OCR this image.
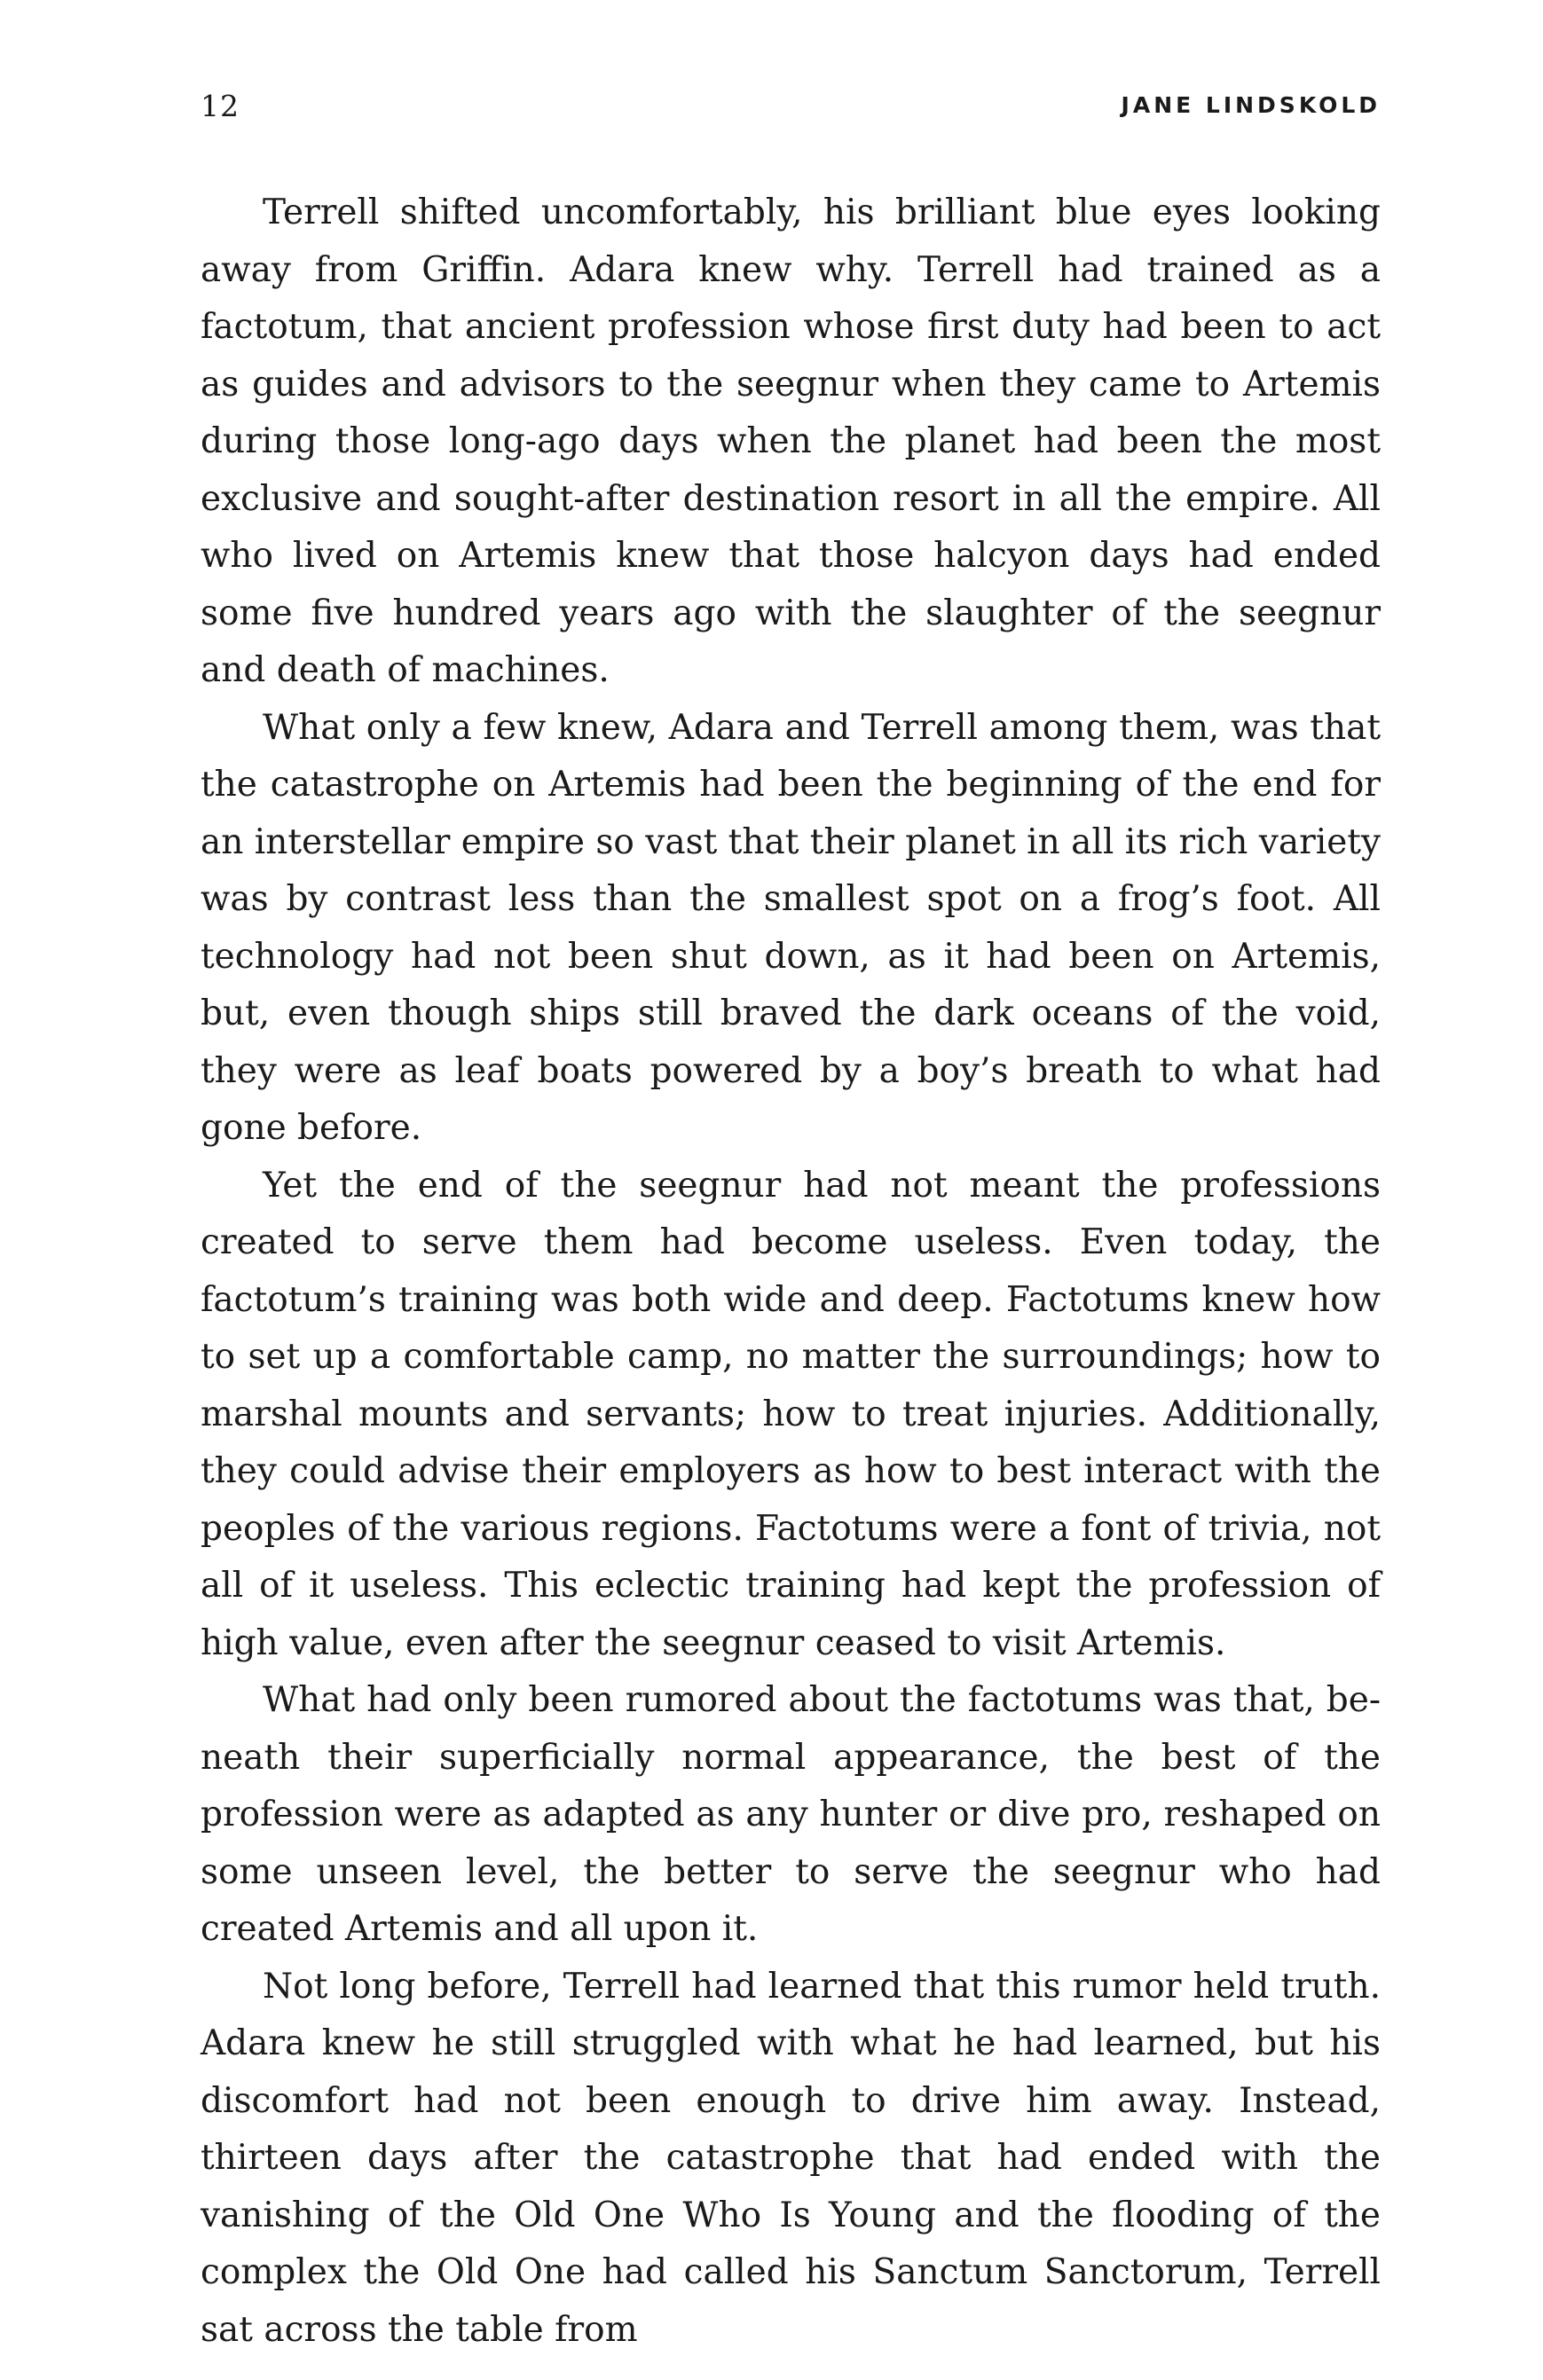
12	JANE LINDSKOLD

Terrell shifted uncomfortably, his brilliant blue eyes looking away from Griffin. Adara knew why. Terrell had trained as a factotum, that ancient profession whose first duty had been to act as guides and advisors to the seegnur when they came to Artemis during those long-ago days when the planet had been the most exclusive and sought-after destination resort in all the empire. All who lived on Artemis knew that those halcyon days had ended some five hundred years ago with the slaughter of the seegnur and death of machines.

What only a few knew, Adara and Terrell among them, was that the catastrophe on Artemis had been the beginning of the end for an interstellar empire so vast that their planet in all its rich variety was by contrast less than the smallest spot on a frog’s foot. All technology had not been shut down, as it had been on Artemis, but, even though ships still braved the dark oceans of the void, they were as leaf boats powered by a boy’s breath to what had gone before.

Yet the end of the seegnur had not meant the professions created to serve them had become useless. Even today, the factotum’s training was both wide and deep. Factotums knew how to set up a comfortable camp, no matter the surroundings; how to marshal mounts and servants; how to treat injuries. Additionally, they could advise their employers as how to best interact with the peoples of the various regions. Factotums were a font of trivia, not all of it useless. This eclectic training had kept the profession of high value, even after the seegnur ceased to visit Artemis.

What had only been rumored about the factotums was that, beneath their superficially normal appearance, the best of the profession were as adapted as any hunter or dive pro, reshaped on some unseen level, the better to serve the seegnur who had created Artemis and all upon it.

Not long before, Terrell had learned that this rumor held truth. Adara knew he still struggled with what he had learned, but his discomfort had not been enough to drive him away. Instead, thirteen days after the catastrophe that had ended with the vanishing of the Old One Who Is Young and the flooding of the complex the Old One had called his Sanctum Sanctorum, Terrell sat across the table from
